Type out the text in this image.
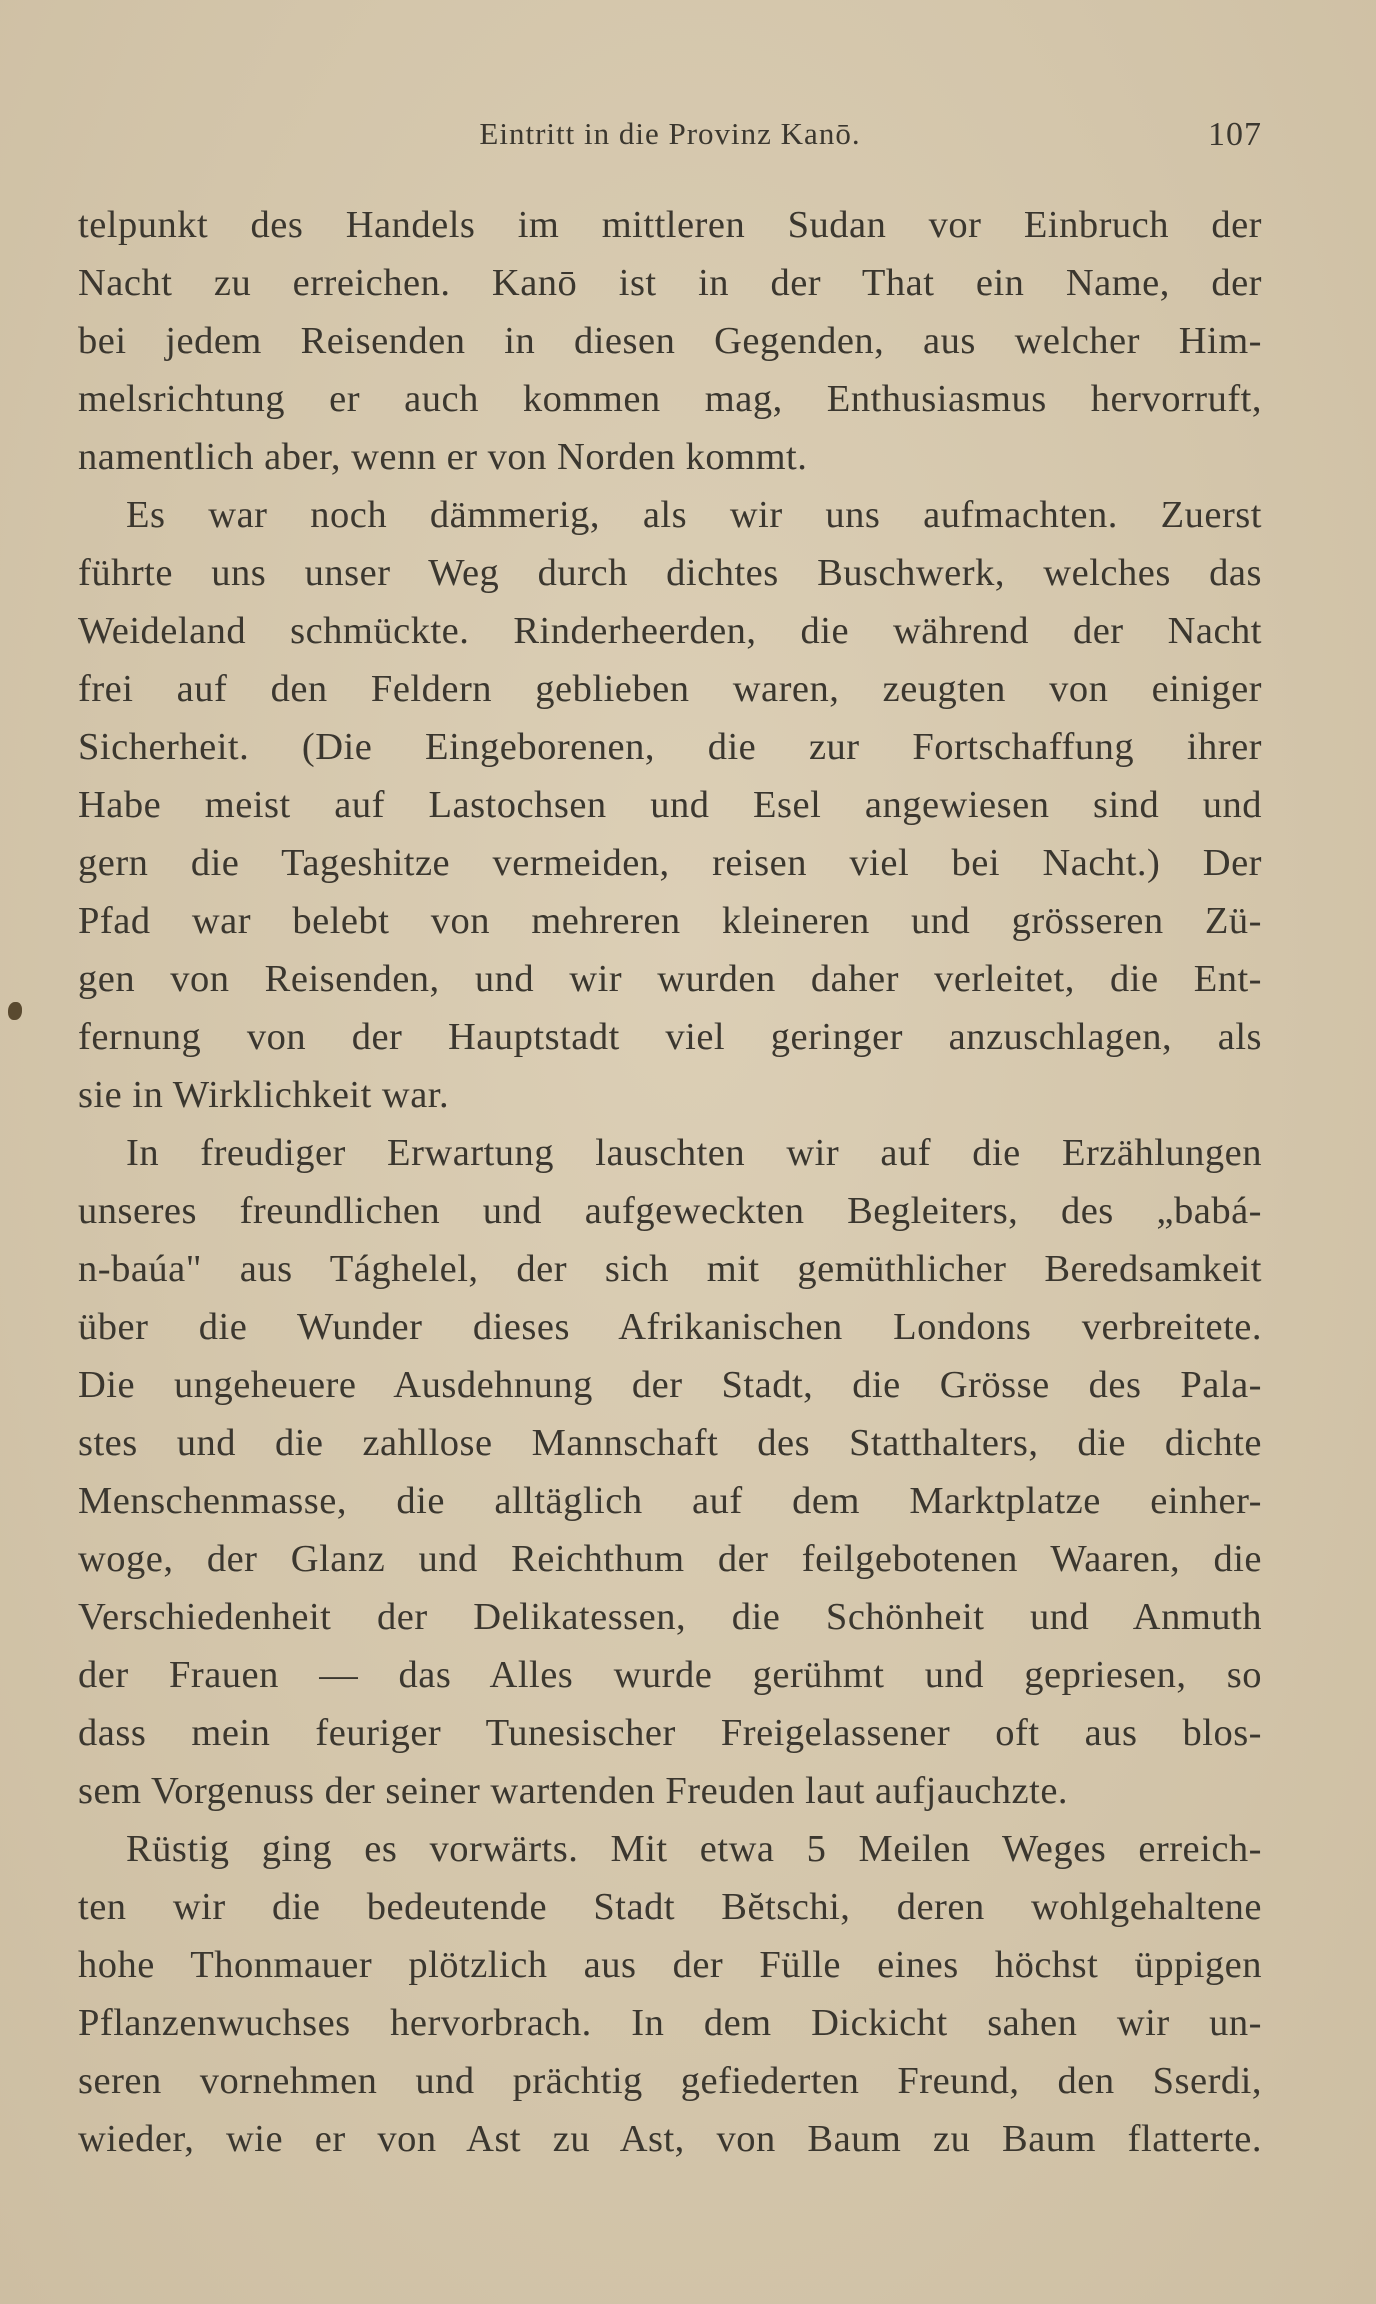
Eintritt in die Provinz Kanō.	107
telpunkt des Handels im mittleren Sudan vor Einbruch der
Nacht zu erreichen. Kanō ist in der That ein Name, der
bei jedem Reisenden in diesen Gegenden, aus welcher Him-
melsrichtung er auch kommen mag, Enthusiasmus hervorruft,
namentlich aber, wenn er von Norden kommt.
Es war noch dämmerig, als wir uns aufmachten. Zuerst
führte uns unser Weg durch dichtes Buschwerk, welches das
Weideland schmückte. Rinderheerden, die während der Nacht
frei auf den Feldern geblieben waren, zeugten von einiger
Sicherheit. (Die Eingeborenen, die zur Fortschaffung ihrer
Habe meist auf Lastochsen und Esel angewiesen sind und
gern die Tageshitze vermeiden, reisen viel bei Nacht.) Der
Pfad war belebt von mehreren kleineren und grösseren Zü-
gen von Reisenden, und wir wurden daher verleitet, die Ent-
fernung von der Hauptstadt viel geringer anzuschlagen, als
sie in Wirklichkeit war.
In freudiger Erwartung lauschten wir auf die Erzählungen
unseres freundlichen und aufgeweckten Begleiters, des „babá-
n-baúa" aus Tághelel, der sich mit gemüthlicher Beredsamkeit
über die Wunder dieses Afrikanischen Londons verbreitete.
Die ungeheuere Ausdehnung der Stadt, die Grösse des Pala-
stes und die zahllose Mannschaft des Statthalters, die dichte
Menschenmasse, die alltäglich auf dem Marktplatze einher-
woge, der Glanz und Reichthum der feilgebotenen Waaren, die
Verschiedenheit der Delikatessen, die Schönheit und Anmuth
der Frauen — das Alles wurde gerühmt und gepriesen, so
dass mein feuriger Tunesischer Freigelassener oft aus blos-
sem Vorgenuss der seiner wartenden Freuden laut aufjauchzte.
Rüstig ging es vorwärts. Mit etwa 5 Meilen Weges erreich-
ten wir die bedeutende Stadt Bĕtschi, deren wohlgehaltene
hohe Thonmauer plötzlich aus der Fülle eines höchst üppigen
Pflanzenwuchses hervorbrach. In dem Dickicht sahen wir un-
seren vornehmen und prächtig gefiederten Freund, den Sserdi,
wieder, wie er von Ast zu Ast, von Baum zu Baum flatterte.
